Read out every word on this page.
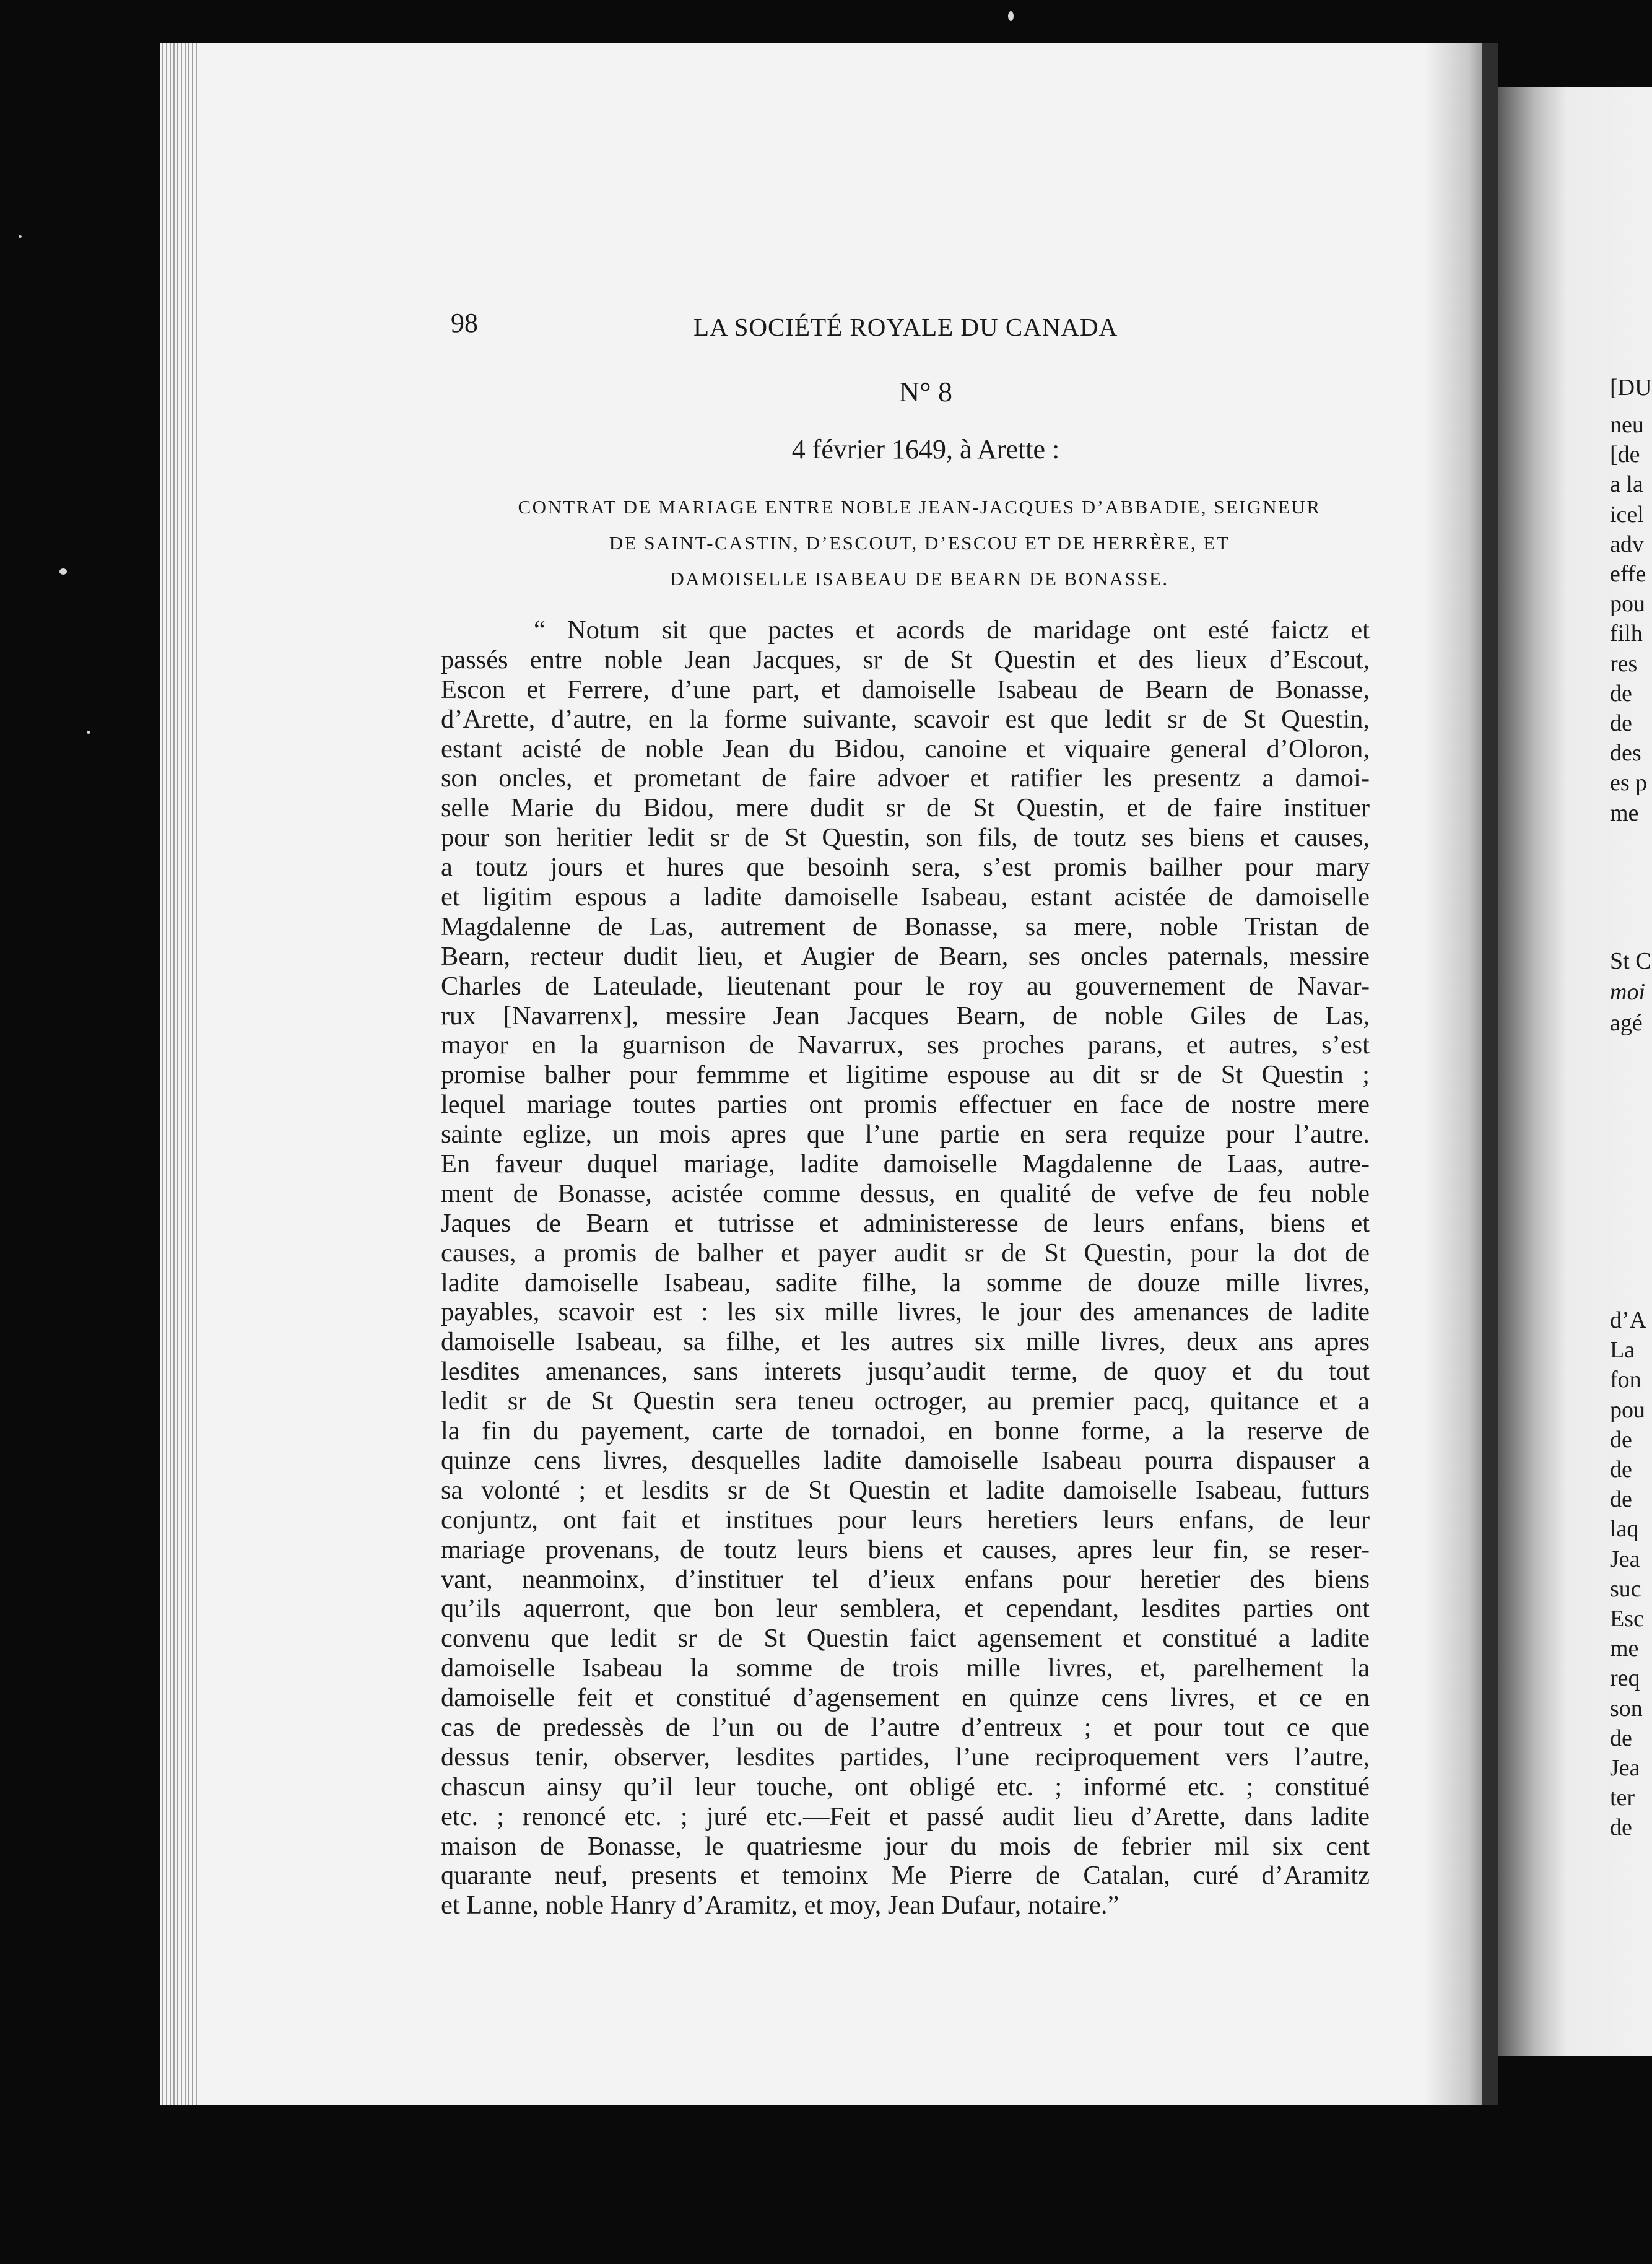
98	LA SOCIÉTÉ ROYALE DU CANADA
N° 8
4 février 1649, à Arette :
CONTRAT DE MARIAGE ENTRE NOBLE JEAN-JACQUES D’ABBADIE, SEIGNEUR
DE SAINT-CASTIN, D’ESCOUT, D’ESCOU ET DE HERRÈRE, ET
DAMOISELLE ISABEAU DE BEARN DE BONASSE.
“ Notum sit que pactes et acords de maridage ont esté faictz et
passés entre noble Jean Jacques, sr de St Questin et des lieux d’Escout,
Escon et Ferrere, d’une part, et damoiselle Isabeau de Bearn de Bonasse,
d’Arette, d’autre, en la forme suivante, scavoir est que ledit sr de St Questin,
estant acisté de noble Jean du Bidou, canoine et viquaire general d’Oloron,
son oncles, et prometant de faire advoer et ratifier les presentz a damoi-
selle Marie du Bidou, mere dudit sr de St Questin, et de faire instituer
pour son heritier ledit sr de St Questin, son fils, de toutz ses biens et causes,
a toutz jours et hures que besoinh sera, s’est promis bailher pour mary
et ligitim espous a ladite damoiselle Isabeau, estant acistée de damoiselle
Magdalenne de Las, autrement de Bonasse, sa mere, noble Tristan de
Bearn, recteur dudit lieu, et Augier de Bearn, ses oncles paternals, messire
Charles de Lateulade, lieutenant pour le roy au gouvernement de Navar-
rux [Navarrenx], messire Jean Jacques Bearn, de noble Giles de Las,
mayor en la guarnison de Navarrux, ses proches parans, et autres, s’est
promise balher pour femmme et ligitime espouse au dit sr de St Questin ;
lequel mariage toutes parties ont promis effectuer en face de nostre mere
sainte eglize, un mois apres que l’une partie en sera requize pour l’autre.
En faveur duquel mariage, ladite damoiselle Magdalenne de Laas, autre-
ment de Bonasse, acistée comme dessus, en qualité de vefve de feu noble
Jaques de Bearn et tutrisse et administeresse de leurs enfans, biens et
causes, a promis de balher et payer audit sr de St Questin, pour la dot de
ladite damoiselle Isabeau, sadite filhe, la somme de douze mille livres,
payables, scavoir est : les six mille livres, le jour des amenances de ladite
damoiselle Isabeau, sa filhe, et les autres six mille livres, deux ans apres
lesdites amenances, sans interets jusqu’audit terme, de quoy et du tout
ledit sr de St Questin sera teneu octroger, au premier pacq, quitance et a
la fin du payement, carte de tornadoi, en bonne forme, a la reserve de
quinze cens livres, desquelles ladite damoiselle Isabeau pourra dispauser a
sa volonté ; et lesdits sr de St Questin et ladite damoiselle Isabeau, futturs
conjuntz, ont fait et institues pour leurs heretiers leurs enfans, de leur
mariage provenans, de toutz leurs biens et causes, apres leur fin, se reser-
vant, neanmoinx, d’instituer tel d’ieux enfans pour heretier des biens
qu’ils aquerront, que bon leur semblera, et cependant, lesdites parties ont
convenu que ledit sr de St Questin faict agensement et constitué a ladite
damoiselle Isabeau la somme de trois mille livres, et, parelhement la
damoiselle feit et constitué d’agensement en quinze cens livres, et ce en
cas de predessès de l’un ou de l’autre d’entreux ; et pour tout ce que
dessus tenir, observer, lesdites partides, l’une reciproquement vers l’autre,
chascun ainsy qu’il leur touche, ont obligé etc. ; informé etc. ; constitué
etc. ; renoncé etc. ; juré etc.—Feit et passé audit lieu d’Arette, dans ladite
maison de Bonasse, le quatriesme jour du mois de febrier mil six cent
quarante neuf, presents et temoinx Me Pierre de Catalan, curé d’Aramitz
et Lanne, noble Hanry d’Aramitz, et moy, Jean Dufaur, notaire.”
[DU
neu
[de
a la
icel
adv
effe
pou
filh
res
de
de
des
es p
me
St C
moi
agé
d’A
La
fon
pou
de
de
de
laq
Jea
suc
Esc
me
req
son
de
Jea
ter
de
